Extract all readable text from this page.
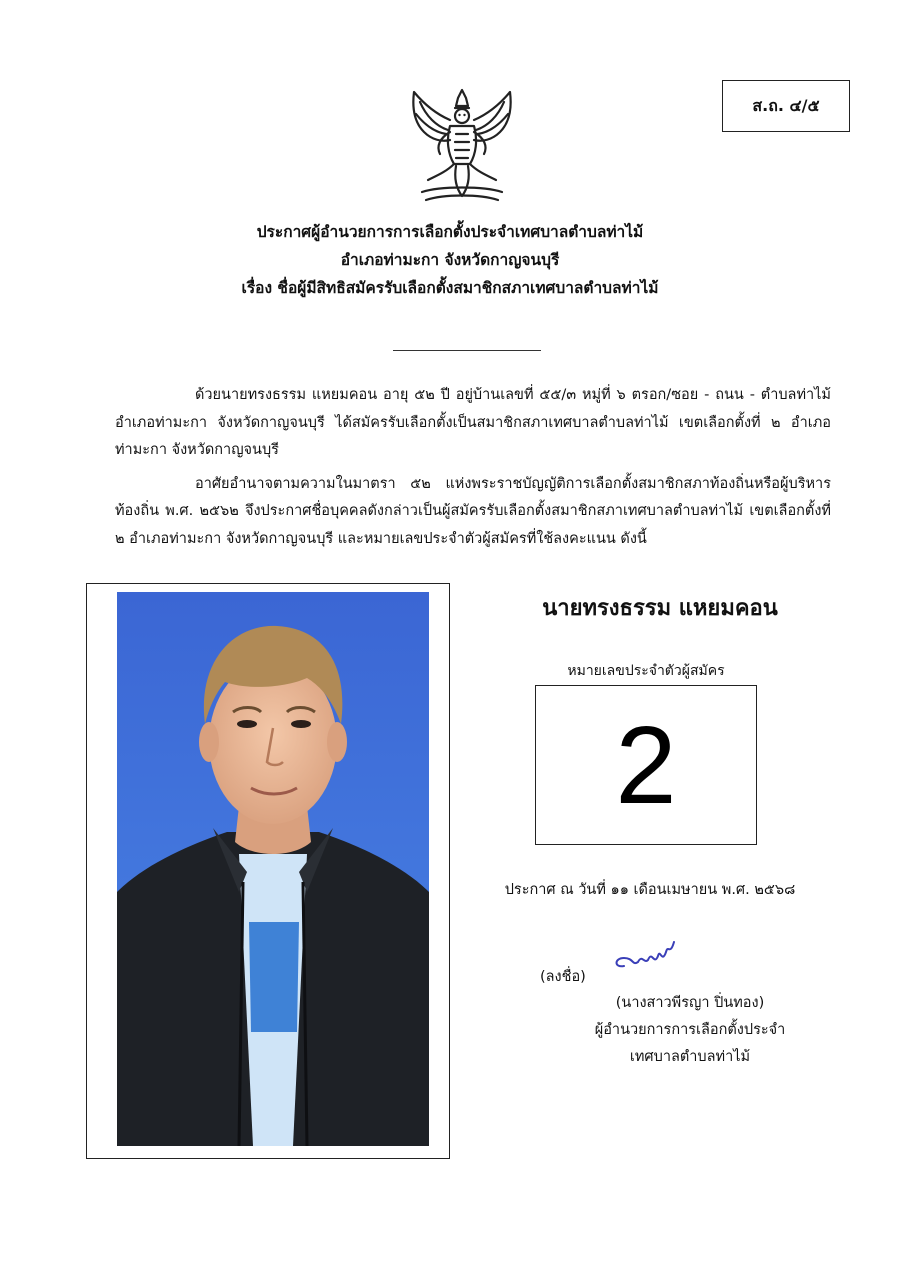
ส.ถ. ๔/๕
ประกาศผู้อำนวยการการเลือกตั้งประจำเทศบาลตำบลท่าไม้
อำเภอท่ามะกา จังหวัดกาญจนบุรี
เรื่อง ชื่อผู้มีสิทธิสมัครรับเลือกตั้งสมาชิกสภาเทศบาลตำบลท่าไม้

ด้วยนายทรงธรรม แหยมคอน อายุ ๕๒ ปี อยู่บ้านเลขที่ ๕๕/๓ หมู่ที่ ๖ ตรอก/ซอย - ถนน - ตำบลท่าไม้ อำเภอท่ามะกา จังหวัดกาญจนบุรี ได้สมัครรับเลือกตั้งเป็นสมาชิกสภาเทศบาลตำบลท่าไม้ เขตเลือกตั้งที่ ๒ อำเภอท่ามะกา จังหวัดกาญจนบุรี

อาศัยอำนาจตามความในมาตรา ๕๒ แห่งพระราชบัญญัติการเลือกตั้งสมาชิกสภาท้องถิ่นหรือผู้บริหารท้องถิ่น พ.ศ. ๒๕๖๒ จึงประกาศชื่อบุคคลดังกล่าวเป็นผู้สมัครรับเลือกตั้งสมาชิกสภาเทศบาลตำบลท่าไม้ เขตเลือกตั้งที่ ๒ อำเภอท่ามะกา จังหวัดกาญจนบุรี และหมายเลขประจำตัวผู้สมัครที่ใช้ลงคะแนน ดังนี้

นายทรงธรรม แหยมคอน
หมายเลขประจำตัวผู้สมัคร
2
ประกาศ ณ วันที่ ๑๑ เดือนเมษายน พ.ศ. ๒๕๖๘
(ลงชื่อ)
(นางสาวพีรญา ปิ่นทอง)
ผู้อำนวยการการเลือกตั้งประจำ
เทศบาลตำบลท่าไม้
